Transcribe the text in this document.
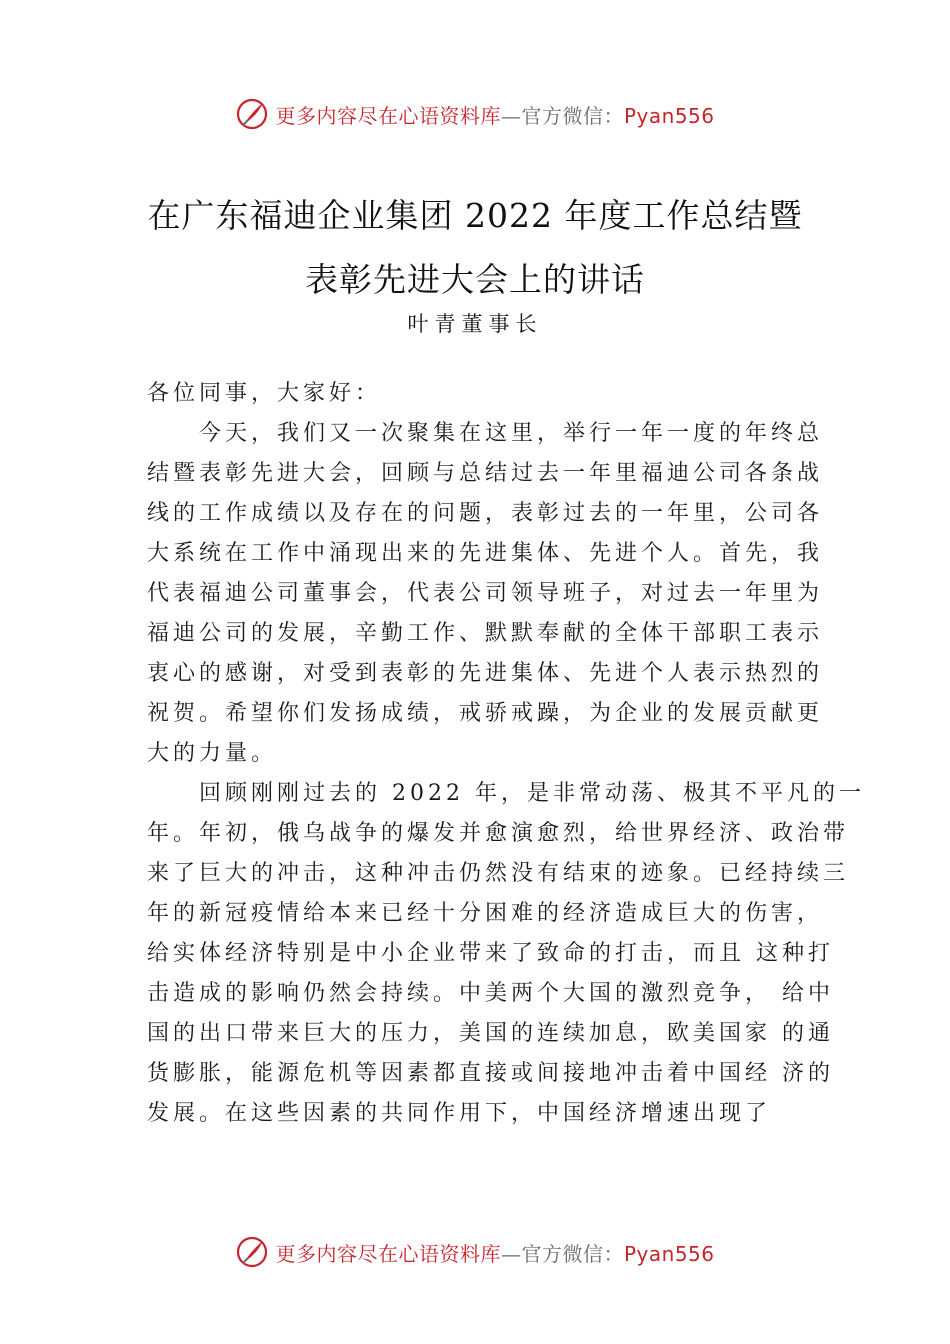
更多内容尽在心语资料库—官方微信：Pyan556
在广东福迪企业集团 2022 年度工作总结暨
表彰先进大会上的讲话
叶青董事长
各位同事，大家好：
　　今天，我们又一次聚集在这里，举行一年一度的年终总
结暨表彰先进大会，回顾与总结过去一年里福迪公司各条战
线的工作成绩以及存在的问题，表彰过去的一年里，公司各
大系统在工作中涌现出来的先进集体、先进个人。首先，我
代表福迪公司董事会，代表公司领导班子，对过去一年里为
福迪公司的发展，辛勤工作、默默奉献的全体干部职工表示
衷心的感谢，对受到表彰的先进集体、先进个人表示热烈的
祝贺。希望你们发扬成绩，戒骄戒躁，为企业的发展贡献更
大的力量。
　　回顾刚刚过去的 2022 年，是非常动荡、极其不平凡的一
年。年初，俄乌战争的爆发并愈演愈烈，给世界经济、政治带
来了巨大的冲击，这种冲击仍然没有结束的迹象。已经持续三
年的新冠疫情给本来已经十分困难的经济造成巨大的伤害，
给实体经济特别是中小企业带来了致命的打击，而且 这种打
击造成的影响仍然会持续。中美两个大国的激烈竞争， 给中
国的出口带来巨大的压力，美国的连续加息，欧美国家 的通
货膨胀，能源危机等因素都直接或间接地冲击着中国经 济的
发展。在这些因素的共同作用下，中国经济增速出现了
更多内容尽在心语资料库—官方微信：Pyan556
